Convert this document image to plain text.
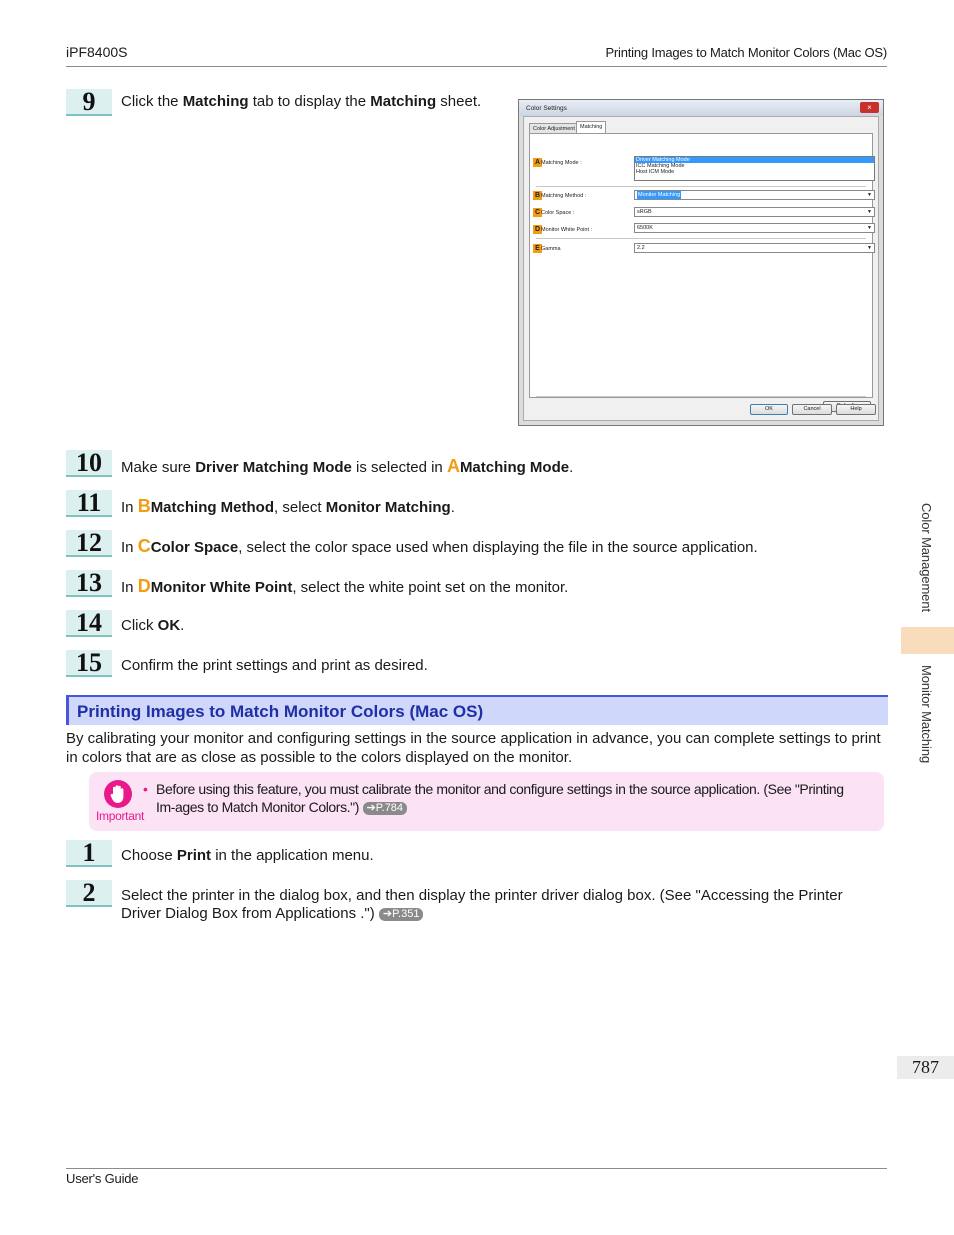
iPF8400S	Printing Images to Match Monitor Colors (Mac OS)
9	Click the Matching tab to display the Matching sheet.	Color Settings	×
Color Adjustment Matching
A Matching Mode :	Driver Matching Mode
ICC Matching Mode
Host ICM Mode
B Matching Method :	Monitor Matching	▼
C Color Space :	sRGB	▼
D Monitor White Point :	6500K	▼
E Gamma	2.2	▼
OK	Cancel	Help
10	Make sure Driver Matching Mode is selected in AMatching Mode.
11	In BMatching Method, select Monitor Matching.
12	In CColor Space, select the color space used when displaying the file in the source application.
13	In DMonitor White Point, select the white point set on the monitor.
14	Click OK.
15	Confirm the print settings and print as desired.
Printing Images to Match Monitor Colors (Mac OS)
By calibrating your monitor and configuring settings in the source application in advance, you can complete settings to print in colors that are as close as possible to the colors displayed on the monitor.
Important
• Before using this feature, you must calibrate the monitor and configure settings in the source application. (See "Printing Im-ages to Match Monitor Colors.") ➔P.784
1	Choose Print in the application menu.
2	Select the printer in the dialog box, and then display the printer driver dialog box. (See "Accessing the Printer Driver Dialog Box from Applications .") ➔P.351
Color Management
Monitor Matching
787
User's Guide
